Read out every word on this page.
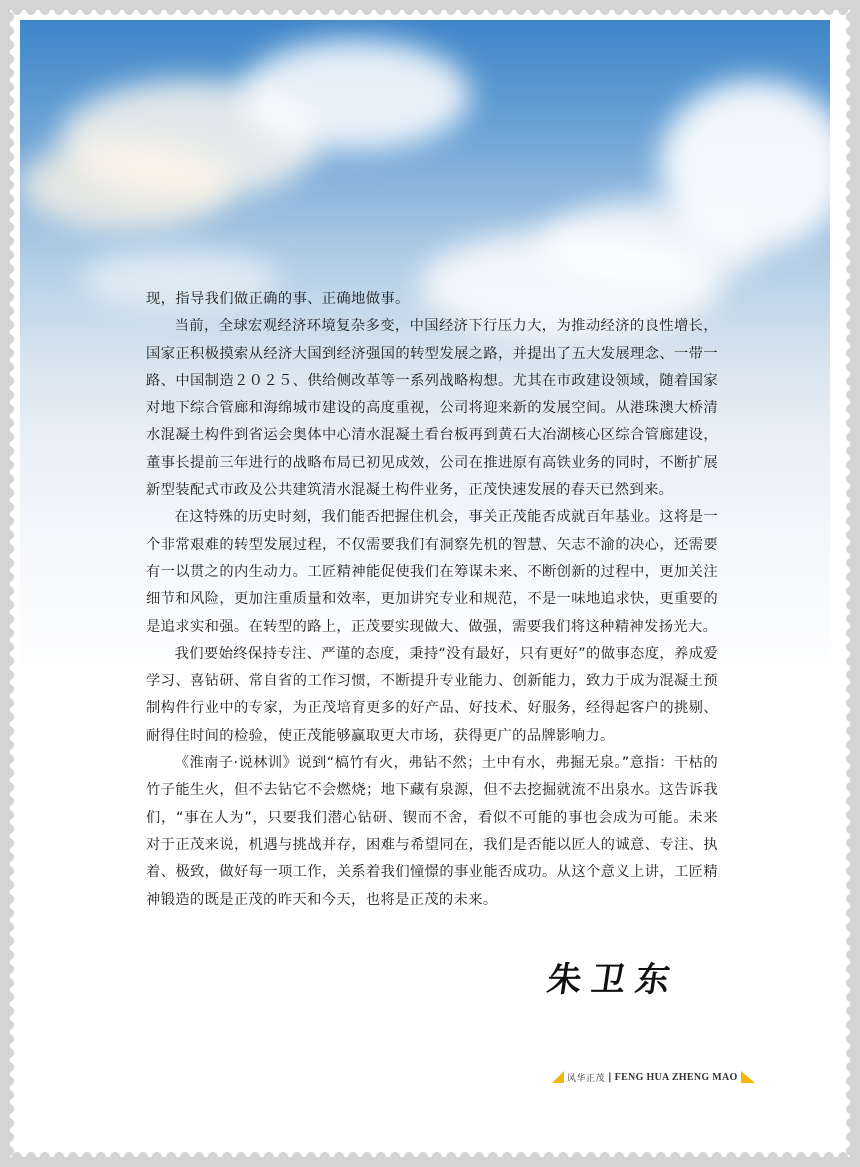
现，指导我们做正确的事、正确地做事。

当前，全球宏观经济环境复杂多变，中国经济下行压力大，为推动经济的良性增长，国家正积极摸索从经济大国到经济强国的转型发展之路，并提出了五大发展理念、一带一路、中国制造２０２５、供给侧改革等一系列战略构想。尤其在市政建设领域，随着国家对地下综合管廊和海绵城市建设的高度重视，公司将迎来新的发展空间。从港珠澳大桥清水混凝土构件到省运会奥体中心清水混凝土看台板再到黄石大冶湖核心区综合管廊建设，董事长提前三年进行的战略布局已初见成效，公司在推进原有高铁业务的同时，不断扩展新型装配式市政及公共建筑清水混凝土构件业务，正茂快速发展的春天已然到来。

在这特殊的历史时刻，我们能否把握住机会，事关正茂能否成就百年基业。这将是一个非常艰难的转型发展过程，不仅需要我们有洞察先机的智慧、矢志不渝的决心，还需要有一以贯之的内生动力。工匠精神能促使我们在筹谋未来、不断创新的过程中，更加关注细节和风险，更加注重质量和效率，更加讲究专业和规范，不是一味地追求快，更重要的是追求实和强。在转型的路上，正茂要实现做大、做强，需要我们将这种精神发扬光大。

我们要始终保持专注、严谨的态度，秉持“没有最好，只有更好”的做事态度，养成爱学习、喜钻研、常自省的工作习惯，不断提升专业能力、创新能力，致力于成为混凝土预制构件行业中的专家，为正茂培育更多的好产品、好技术、好服务，经得起客户的挑剔、耐得住时间的检验，使正茂能够赢取更大市场，获得更广的品牌影响力。

《淮南子·说林训》说到“槁竹有火，弗钻不然；土中有水，弗掘无泉。”意指：干枯的竹子能生火，但不去钻它不会燃烧；地下藏有泉源，但不去挖掘就流不出泉水。这告诉我们，“事在人为”，只要我们潜心钻研、锲而不舍，看似不可能的事也会成为可能。未来对于正茂来说，机遇与挑战并存，困难与希望同在，我们是否能以匠人的诚意、专注、执着、极致，做好每一项工作，关系着我们憧憬的事业能否成功。从这个意义上讲，工匠精神锻造的既是正茂的昨天和今天，也将是正茂的未来。

朱卫东
风华正茂 | FENG HUA ZHENG MAO
